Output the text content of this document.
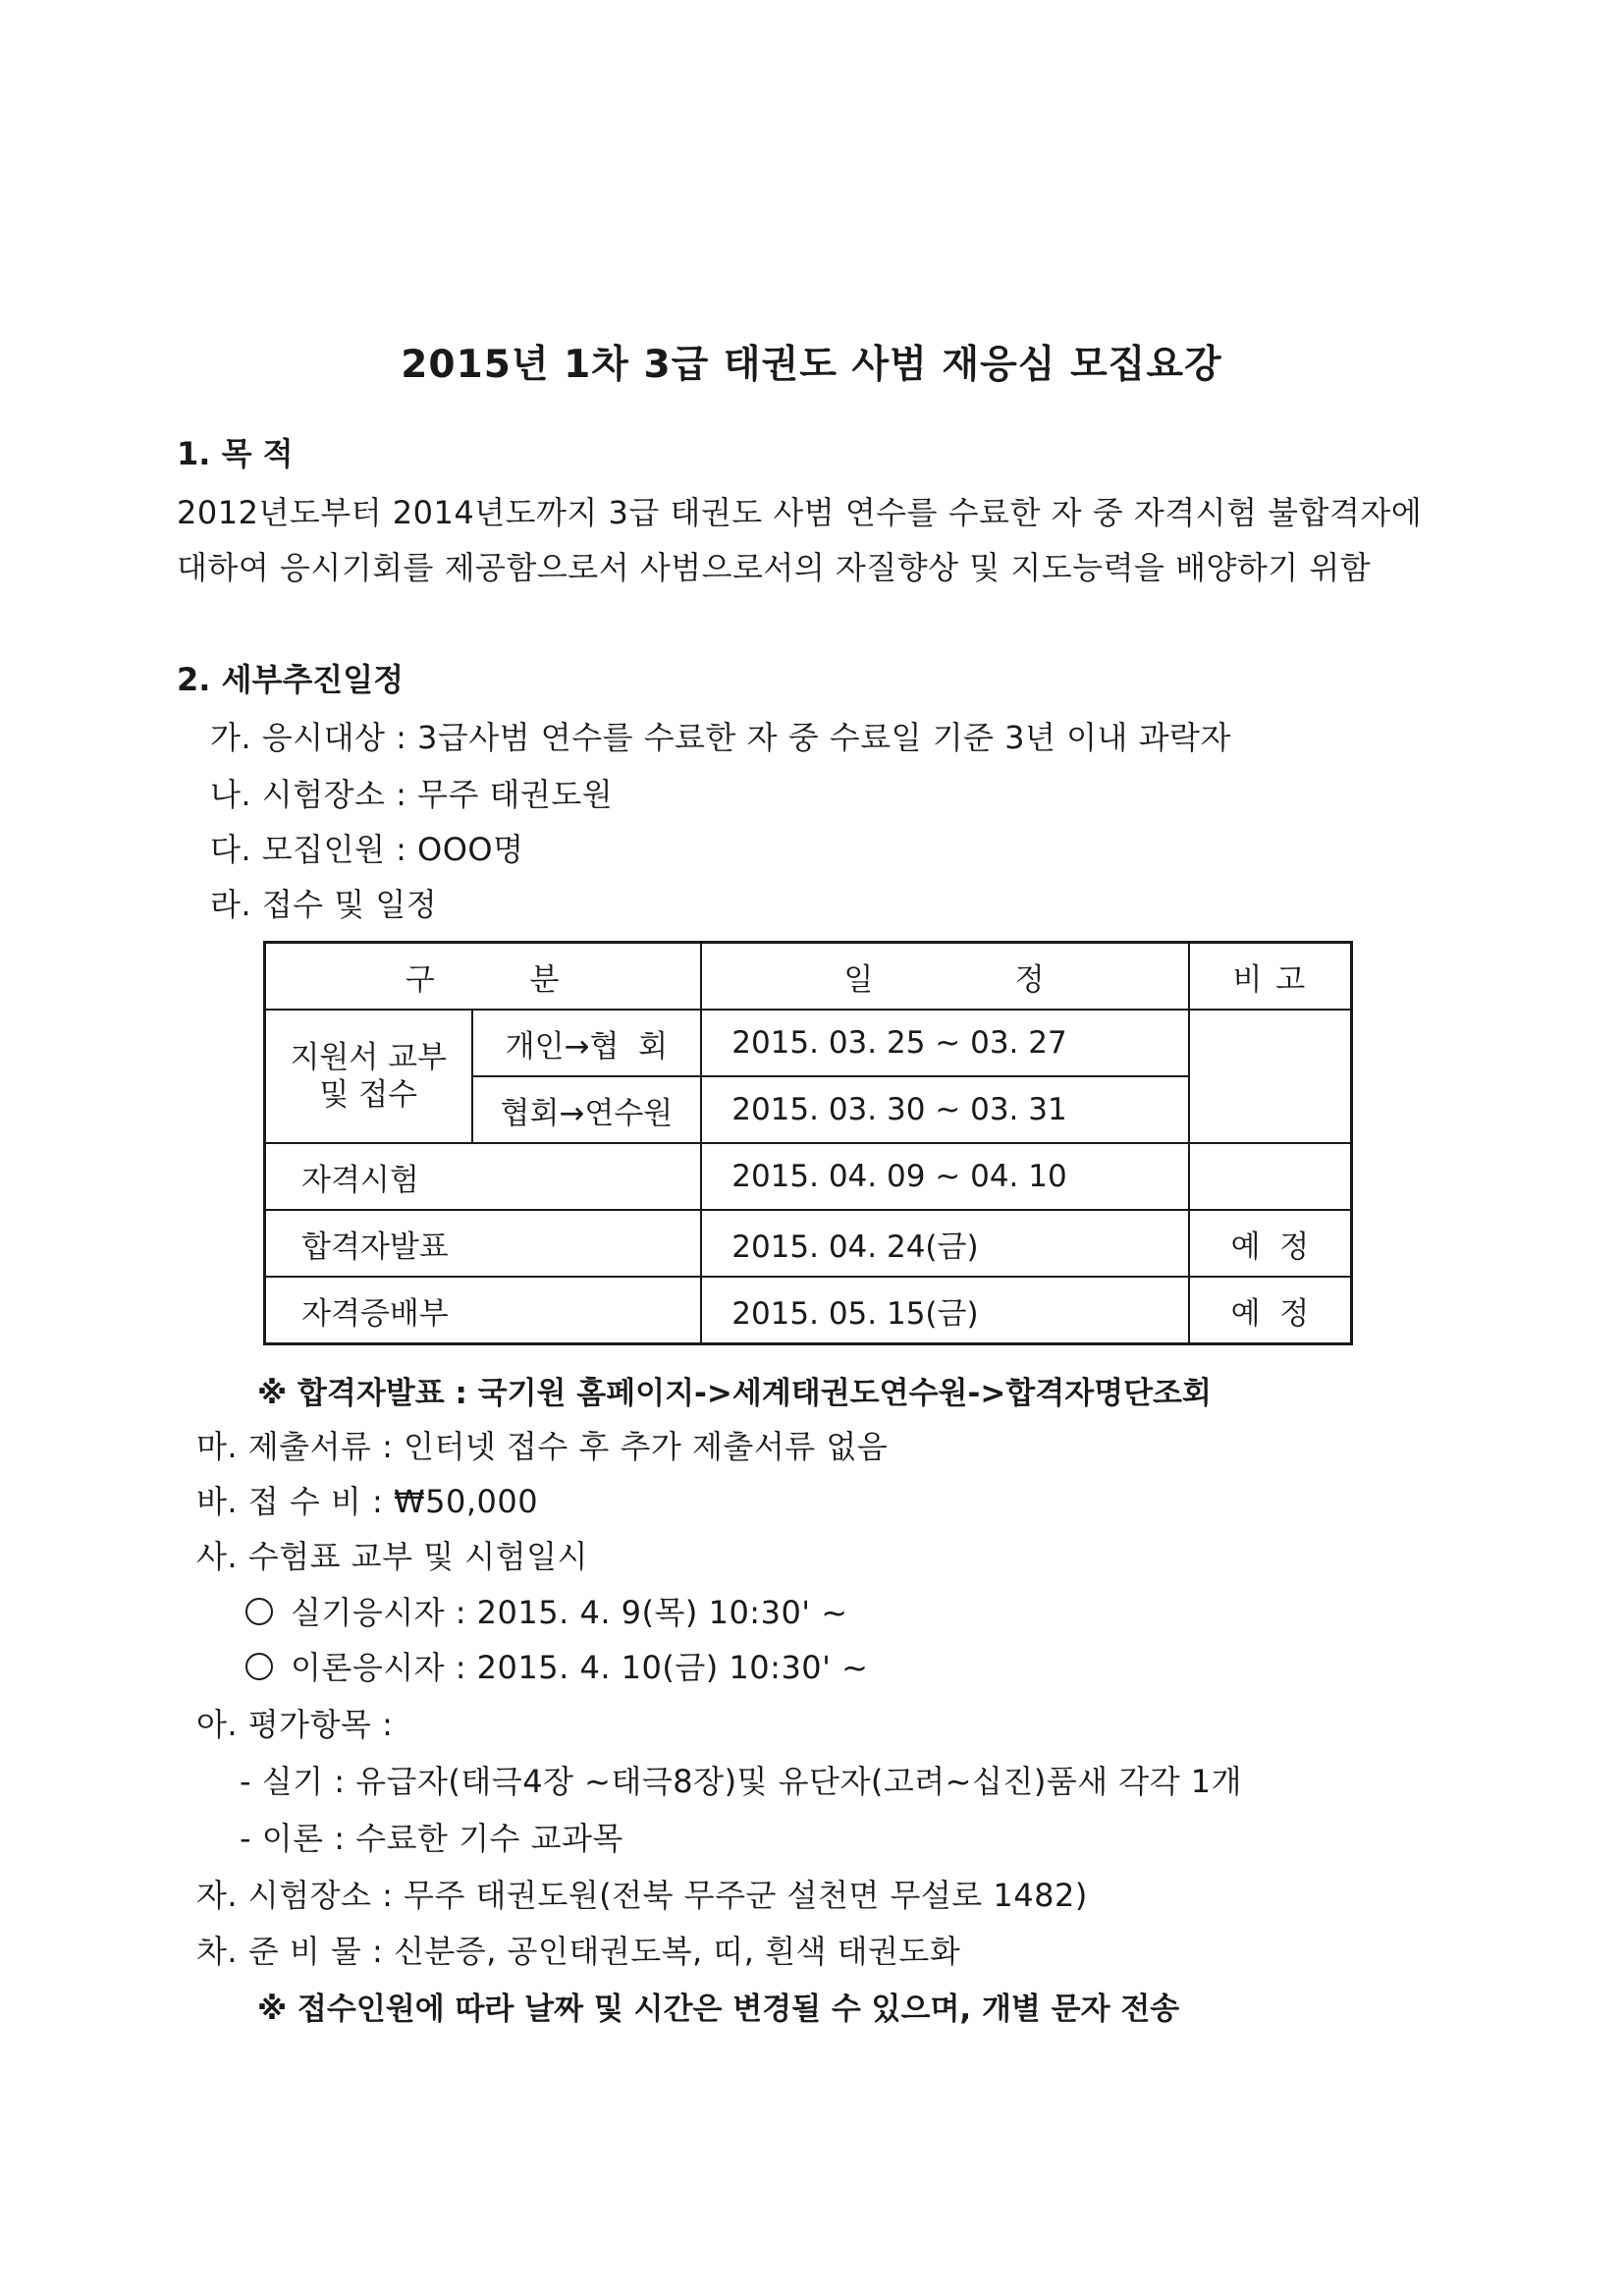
2015년 1차 3급 태권도 사범 재응심 모집요강
1. 목 적
2012년도부터 2014년도까지 3급 태권도 사범 연수를 수료한 자 중 자격시험 불합격자에
대하여 응시기회를 제공함으로서 사범으로서의 자질향상 및 지도능력을 배양하기 위함
2. 세부추진일정
가. 응시대상 : 3급사범 연수를 수료한 자 중 수료일 기준 3년 이내 과락자
나. 시험장소 : 무주 태권도원
다. 모집인원 : OOO명
라. 접수 및 일정
구        분		일            정	비 고
지원서 교부
및 접수	개인→협  회	2015. 03. 25 ~ 03. 27	
	협회→연수원	2015. 03. 30 ~ 03. 31	
자격시험		2015. 04. 09 ~ 04. 10	
합격자발표		2015. 04. 24(금)	예  정
자격증배부		2015. 05. 15(금)	예  정
※ 합격자발표 : 국기원 홈페이지->세계태권도연수원->합격자명단조회
마. 제출서류 : 인터넷 접수 후 추가 제출서류 없음
바. 접 수 비 : ₩50,000
사. 수험표 교부 및 시험일시
실기응시자 : 2015. 4. 9(목) 10:30' ~
이론응시자 : 2015. 4. 10(금) 10:30' ~
아. 평가항목 :
- 실기 : 유급자(태극4장 ~태극8장)및 유단자(고려~십진)품새 각각 1개
- 이론 : 수료한 기수 교과목
자. 시험장소 : 무주 태권도원(전북 무주군 설천면 무설로 1482)
차. 준 비 물 : 신분증, 공인태권도복, 띠, 흰색 태권도화
※ 접수인원에 따라 날짜 및 시간은 변경될 수 있으며, 개별 문자 전송
